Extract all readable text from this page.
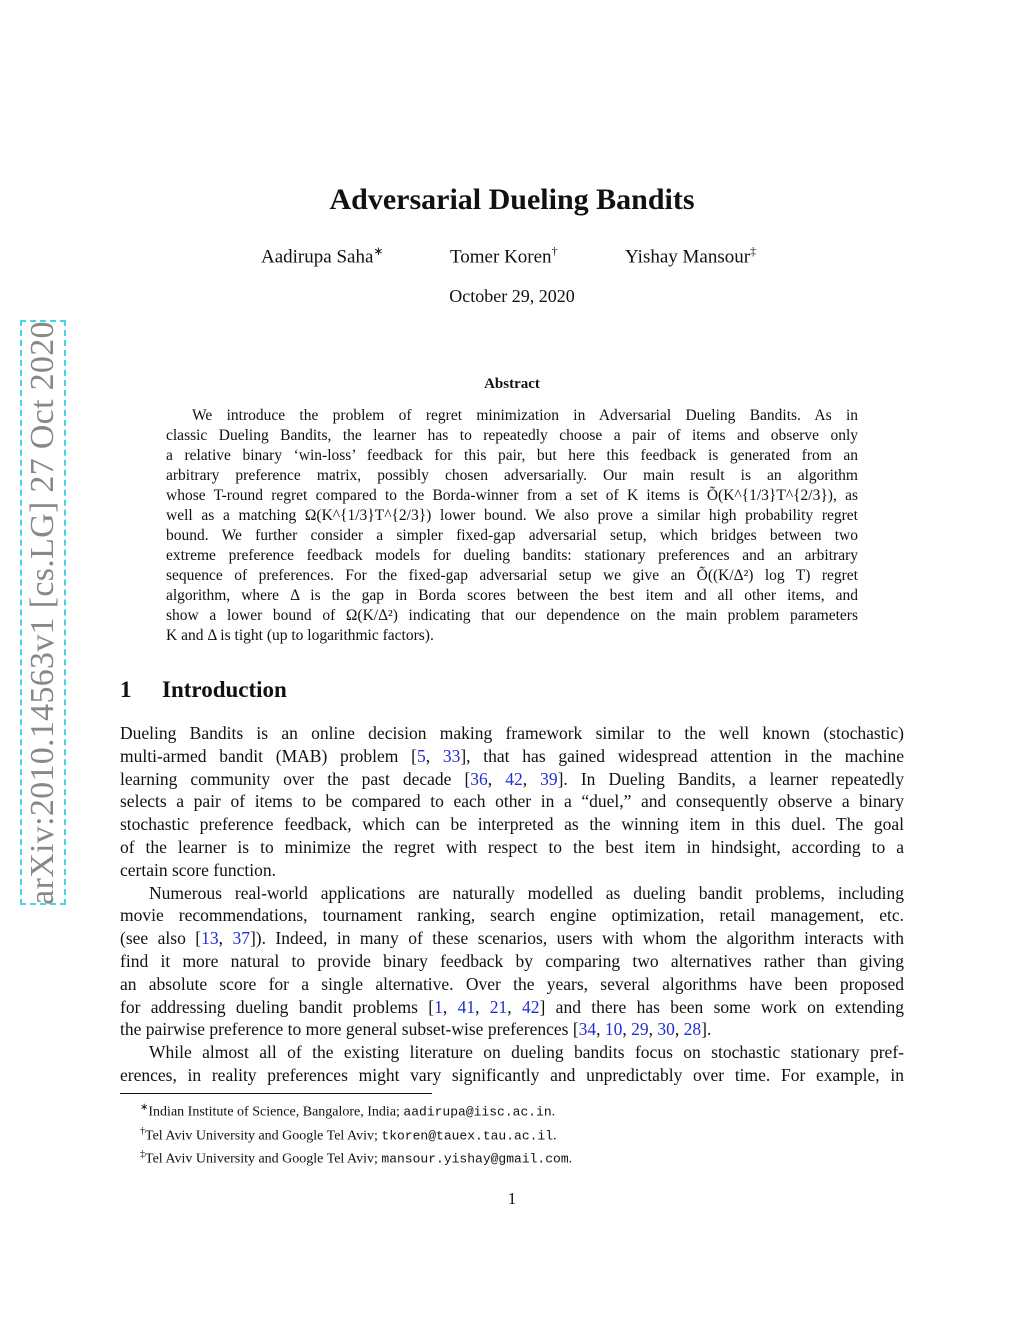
arXiv:2010.14563v1 [cs.LG] 27 Oct 2020
Adversarial Dueling Bandits
Aadirupa Saha∗	Tomer Koren†	Yishay Mansour‡
October 29, 2020
Abstract
We introduce the problem of regret minimization in Adversarial Dueling Bandits. As in
classic Dueling Bandits, the learner has to repeatedly choose a pair of items and observe only
a relative binary ‘win-loss’ feedback for this pair, but here this feedback is generated from an
arbitrary preference matrix, possibly chosen adversarially. Our main result is an algorithm
whose T-round regret compared to the Borda-winner from a set of K items is Õ(K^{1/3}T^{2/3}), as
well as a matching Ω(K^{1/3}T^{2/3}) lower bound. We also prove a similar high probability regret
bound. We further consider a simpler fixed-gap adversarial setup, which bridges between two
extreme preference feedback models for dueling bandits: stationary preferences and an arbitrary
sequence of preferences. For the fixed-gap adversarial setup we give an Õ((K/Δ²) log T) regret
algorithm, where Δ is the gap in Borda scores between the best item and all other items, and
show a lower bound of Ω(K/Δ²) indicating that our dependence on the main problem parameters
K and Δ is tight (up to logarithmic factors).
1 Introduction
Dueling Bandits is an online decision making framework similar to the well known (stochastic)
multi-armed bandit (MAB) problem [5, 33], that has gained widespread attention in the machine
learning community over the past decade [36, 42, 39]. In Dueling Bandits, a learner repeatedly
selects a pair of items to be compared to each other in a “duel,” and consequently observe a binary
stochastic preference feedback, which can be interpreted as the winning item in this duel. The goal
of the learner is to minimize the regret with respect to the best item in hindsight, according to a
certain score function.
Numerous real-world applications are naturally modelled as dueling bandit problems, including
movie recommendations, tournament ranking, search engine optimization, retail management, etc.
(see also [13, 37]). Indeed, in many of these scenarios, users with whom the algorithm interacts with
find it more natural to provide binary feedback by comparing two alternatives rather than giving
an absolute score for a single alternative. Over the years, several algorithms have been proposed
for addressing dueling bandit problems [1, 41, 21, 42] and there has been some work on extending
the pairwise preference to more general subset-wise preferences [34, 10, 29, 30, 28].
While almost all of the existing literature on dueling bandits focus on stochastic stationary pref-
erences, in reality preferences might vary significantly and unpredictably over time. For example, in
∗Indian Institute of Science, Bangalore, India; aadirupa@iisc.ac.in.
†Tel Aviv University and Google Tel Aviv; tkoren@tauex.tau.ac.il.
‡Tel Aviv University and Google Tel Aviv; mansour.yishay@gmail.com.
1
